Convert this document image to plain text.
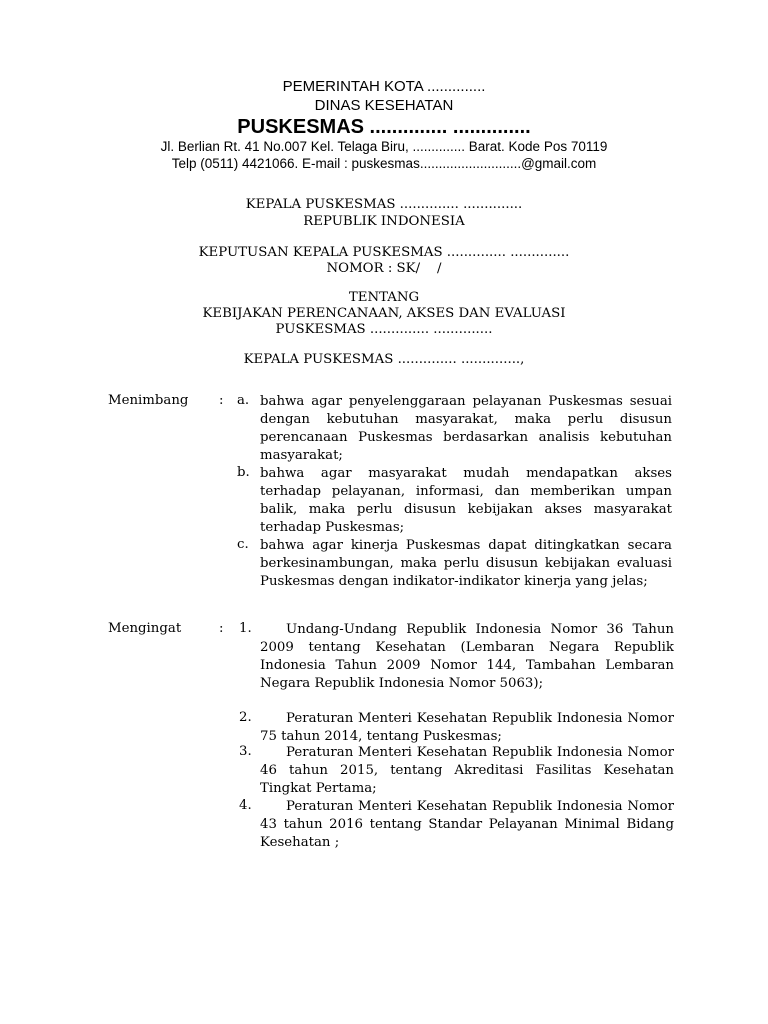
PEMERINTAH KOTA ..............
DINAS KESEHATAN
PUSKESMAS .............. ..............
Jl. Berlian Rt. 41 No.007 Kel. Telaga Biru, .............. Barat. Kode Pos 70119
Telp (0511) 4421066. E-mail : puskesmas...........................@gmail.com
KEPALA PUSKESMAS .............. ..............
REPUBLIK INDONESIA
KEPUTUSAN KEPALA PUSKESMAS .............. ..............
NOMOR : SK/    /
TENTANG
KEBIJAKAN PERENCANAAN, AKSES DAN EVALUASI
PUSKESMAS .............. ..............
KEPALA PUSKESMAS .............. ..............,
Menimbang : a. bahwa agar penyelenggaraan pelayanan Puskesmas sesuai dengan kebutuhan masyarakat, maka perlu disusun perencanaan Puskesmas berdasarkan analisis kebutuhan masyarakat;
b. bahwa agar masyarakat mudah mendapatkan akses terhadap pelayanan, informasi, dan memberikan umpan balik, maka perlu disusun kebijakan akses masyarakat terhadap Puskesmas;
c. bahwa agar kinerja Puskesmas dapat ditingkatkan secara berkesinambungan, maka perlu disusun kebijakan evaluasi Puskesmas dengan indikator-indikator kinerja yang jelas;
Mengingat	: 1.	Undang-Undang Republik Indonesia Nomor 36 Tahun 2009 tentang Kesehatan (Lembaran Negara Republik Indonesia Tahun 2009 Nomor 144, Tambahan Lembaran Negara Republik Indonesia Nomor 5063);
2.	Peraturan Menteri Kesehatan Republik Indonesia Nomor 75 tahun 2014, tentang Puskesmas;
3.	Peraturan Menteri Kesehatan Republik Indonesia Nomor 46 tahun 2015, tentang Akreditasi Fasilitas Kesehatan Tingkat Pertama;
4.	Peraturan Menteri Kesehatan Republik Indonesia Nomor 43 tahun 2016 tentang Standar Pelayanan Minimal Bidang Kesehatan ;
